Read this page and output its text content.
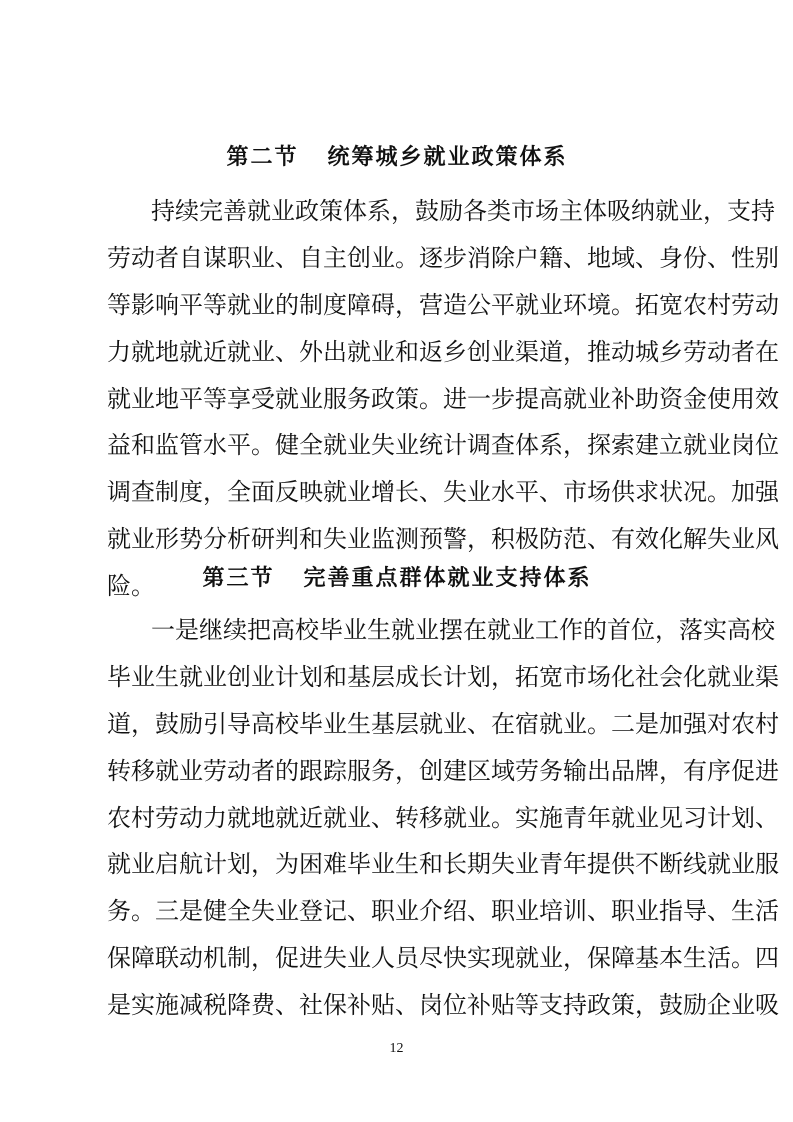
第二节   统筹城乡就业政策体系
持续完善就业政策体系，鼓励各类市场主体吸纳就业，支持
劳动者自谋职业、自主创业。逐步消除户籍、地域、身份、性别
等影响平等就业的制度障碍，营造公平就业环境。拓宽农村劳动
力就地就近就业、外出就业和返乡创业渠道，推动城乡劳动者在
就业地平等享受就业服务政策。进一步提高就业补助资金使用效
益和监管水平。健全就业失业统计调查体系，探索建立就业岗位
调查制度，全面反映就业增长、失业水平、市场供求状况。加强
就业形势分析研判和失业监测预警，积极防范、有效化解失业风
险。	第三节   完善重点群体就业支持体系
一是继续把高校毕业生就业摆在就业工作的首位，落实高校
毕业生就业创业计划和基层成长计划，拓宽市场化社会化就业渠
道，鼓励引导高校毕业生基层就业、在宿就业。二是加强对农村
转移就业劳动者的跟踪服务，创建区域劳务输出品牌，有序促进
农村劳动力就地就近就业、转移就业。实施青年就业见习计划、
就业启航计划，为困难毕业生和长期失业青年提供不断线就业服
务。三是健全失业登记、职业介绍、职业培训、职业指导、生活
保障联动机制，促进失业人员尽快实现就业，保障基本生活。四
是实施减税降费、社保补贴、岗位补贴等支持政策，鼓励企业吸
12
